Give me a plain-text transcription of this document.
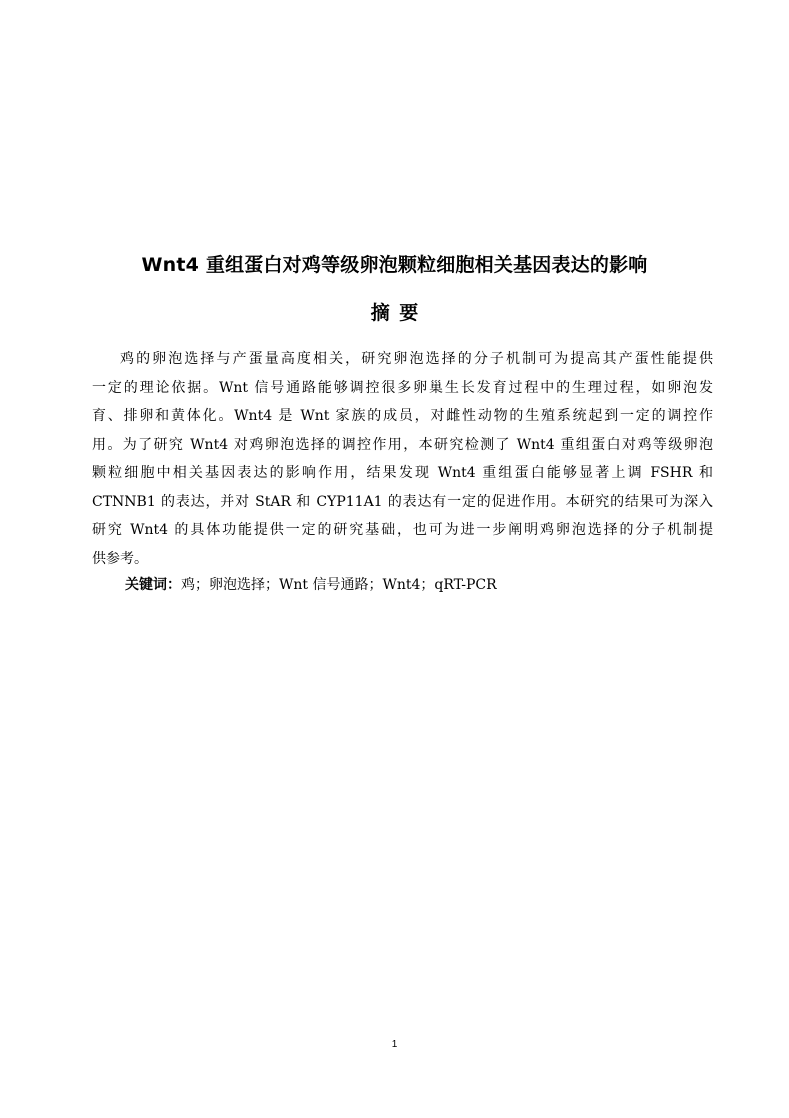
Wnt4 重组蛋白对鸡等级卵泡颗粒细胞相关基因表达的影响
摘要
鸡的卵泡选择与产蛋量高度相关，研究卵泡选择的分子机制可为提高其产蛋性能提供
一定的理论依据。Wnt 信号通路能够调控很多卵巢生长发育过程中的生理过程，如卵泡发
育、排卵和黄体化。Wnt4 是 Wnt 家族的成员，对雌性动物的生殖系统起到一定的调控作
用。为了研究 Wnt4 对鸡卵泡选择的调控作用，本研究检测了 Wnt4 重组蛋白对鸡等级卵泡
颗粒细胞中相关基因表达的影响作用，结果发现 Wnt4 重组蛋白能够显著上调 FSHR 和
CTNNB1 的表达，并对 StAR 和 CYP11A1 的表达有一定的促进作用。本研究的结果可为深入
研究 Wnt4 的具体功能提供一定的研究基础，也可为进一步阐明鸡卵泡选择的分子机制提
供参考。
关键词：鸡；卵泡选择；Wnt 信号通路；Wnt4；qRT-PCR
1
